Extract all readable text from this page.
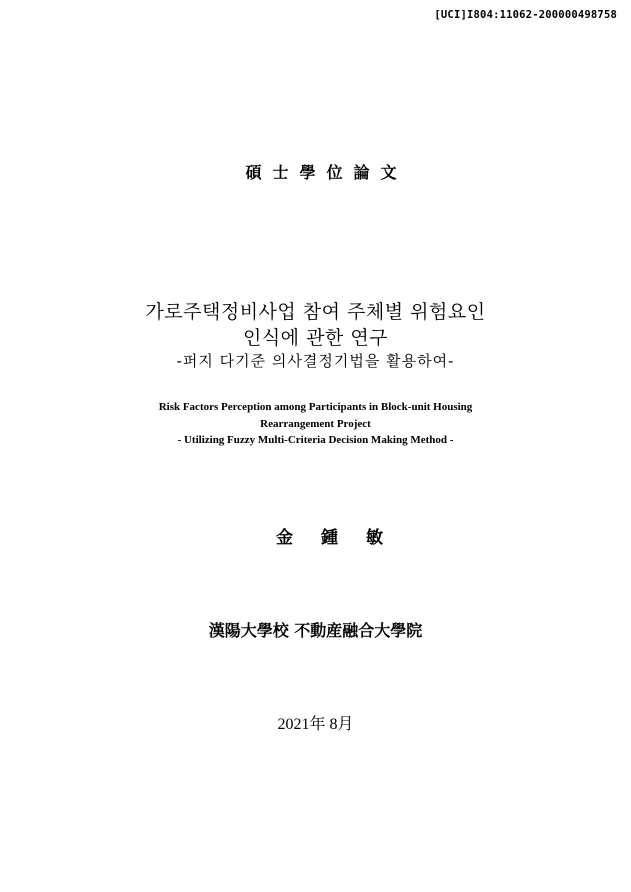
[UCI]I804:11062-200000498758
碩士學位論文
가로주택정비사업 참여 주체별 위험요인
인식에 관한 연구
-퍼지 다기준 의사결정기법을 활용하여-
Risk Factors Perception among Participants in Block-unit Housing
Rearrangement Project
- Utilizing Fuzzy Multi-Criteria Decision Making Method -
金鍾敏
漢陽大學校 不動産融合大學院
2021年 8月
